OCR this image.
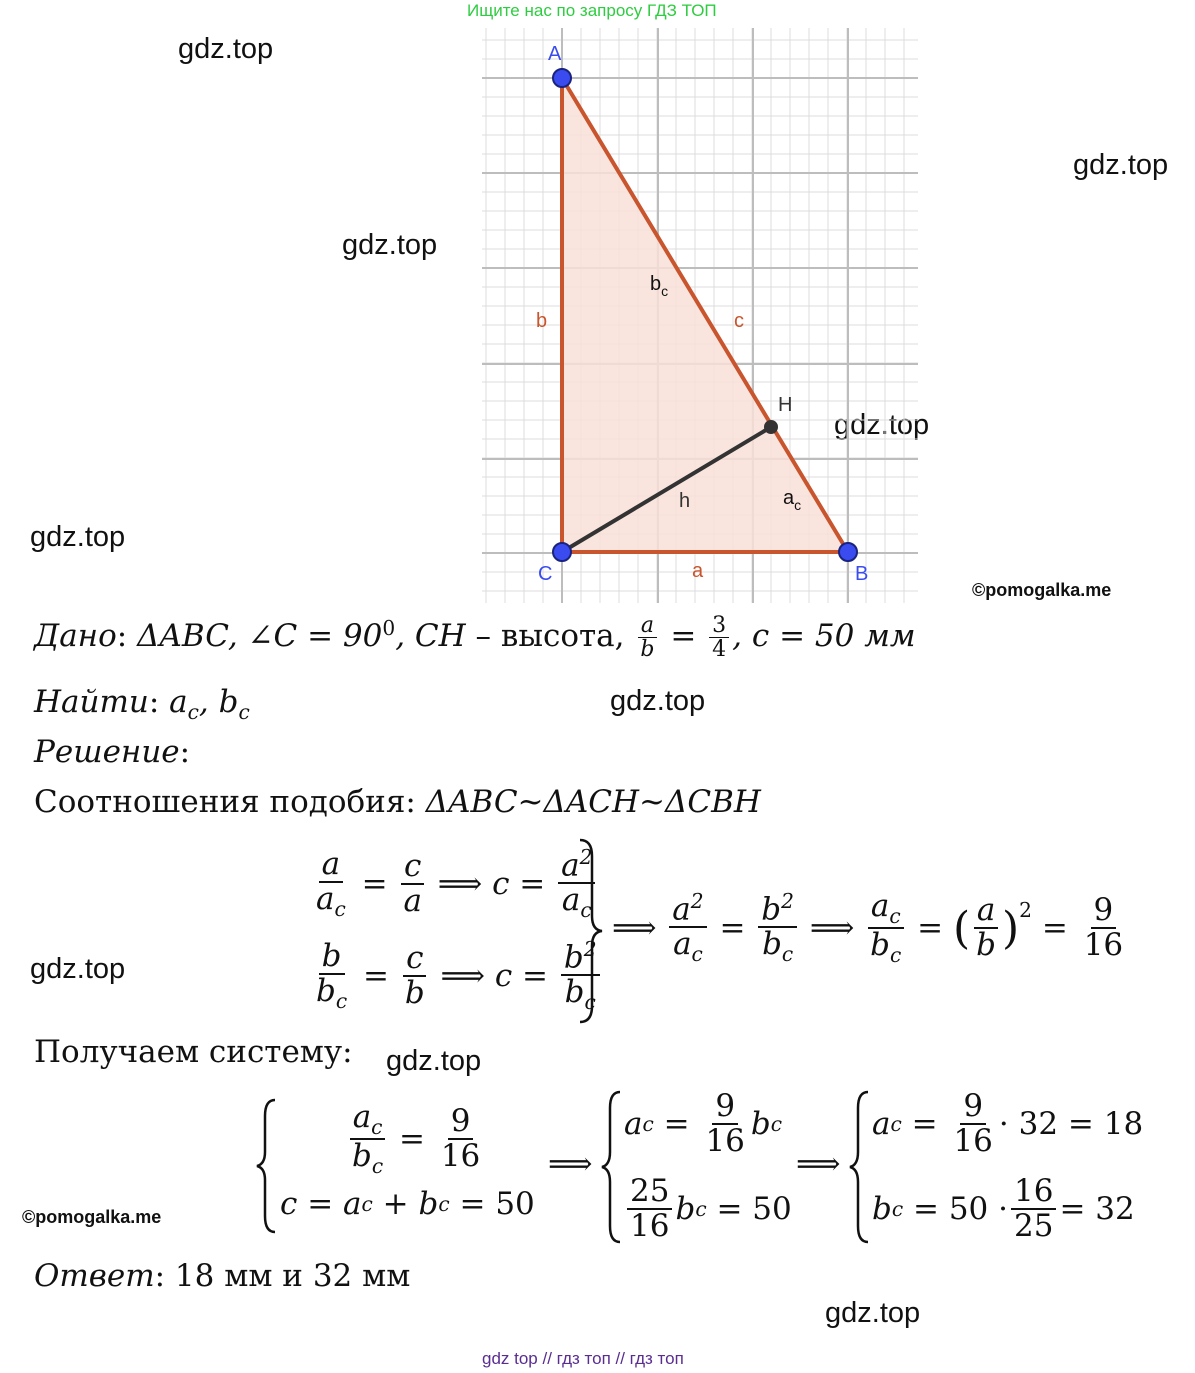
Ищите нас по запросу ГДЗ ТОП
gdz.top
gdz.top
gdz.top
gdz.top
gdz.top
gdz.top
gdz.top
gdz.top
gdz.top
©pomogalka.me
©pomogalka.me
A
B
C
H
b	c
a
h
$b_c$
$a_c$
Дано: ΔABC, ∠C = $90^0$, CH – высота, $\frac{a}{b} = \frac{3}{4}$ , c = 50 мм
Найти: $a_c$, $b_c$
Решение:
Соотношения подобия: ΔABC~ΔACH~ΔCBH
$\frac{a}{a_c} = \frac{c}{a}$ ⟹ $c = \frac{a^2}{a_c}$
$\frac{b}{b_c} = \frac{c}{b}$ ⟹ $c = \frac{b^2}{b_c}$
⟹ $\frac{a^2}{a_c} = \frac{b^2}{b_c}$ ⟹ $\frac{a_c}{b_c}$ = ( $\frac{a}{b} )^2 = \frac{9}{16}$
Получаем систему:
$\frac{a_c}{b_c} = \frac{9}{16}$
c = a c + b c = 50
⟹
a $c = \frac{9}{16}$ b c
$\frac{25}{16}$ b c = 50
⟹
a $c = \frac{9}{16} \cdot 32 = 18$
b $c = 50 \cdot \frac{16}{25} = 32$
Ответ: 18 мм и 32 мм
gdz top // гдз топ // гдз топ
